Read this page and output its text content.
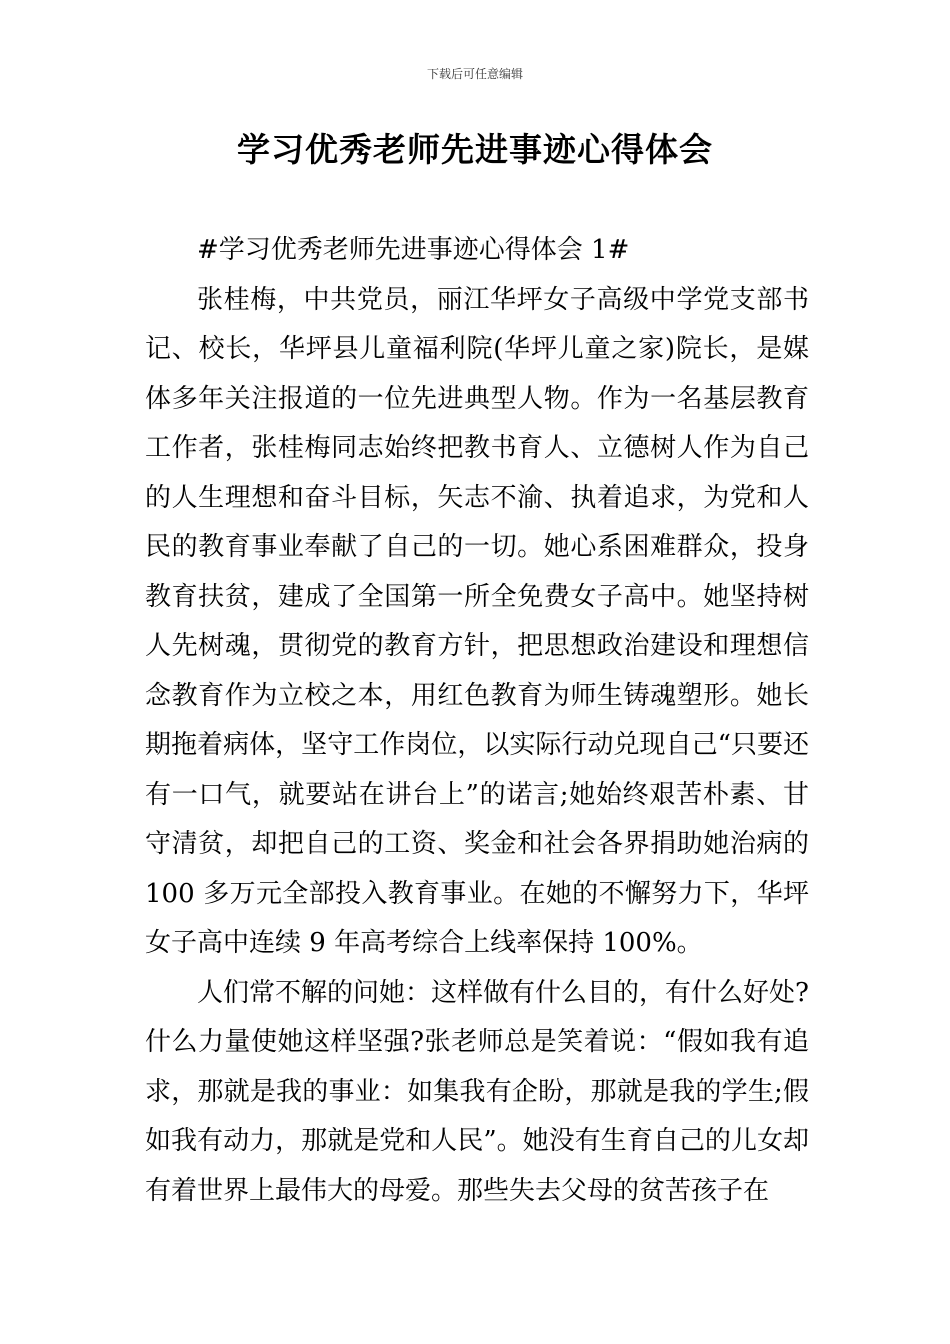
下载后可任意编辑
学习优秀老师先进事迹心得体会

#学习优秀老师先进事迹心得体会 1#

张桂梅，中共党员，丽江华坪女子高级中学党支部书记、校长，华坪县儿童福利院(华坪儿童之家)院长，是媒体多年关注报道的一位先进典型人物。作为一名基层教育工作者，张桂梅同志始终把教书育人、立德树人作为自己的人生理想和奋斗目标，矢志不渝、执着追求，为党和人民的教育事业奉献了自己的一切。她心系困难群众，投身教育扶贫，建成了全国第一所全免费女子高中。她坚持树人先树魂，贯彻党的教育方针，把思想政治建设和理想信念教育作为立校之本，用红色教育为师生铸魂塑形。她长期拖着病体，坚守工作岗位，以实际行动兑现自己“只要还有一口气，就要站在讲台上”的诺言;她始终艰苦朴素、甘守清贫，却把自己的工资、奖金和社会各界捐助她治病的 100 多万元全部投入教育事业。在她的不懈努力下，华坪女子高中连续 9 年高考综合上线率保持 100%。

人们常不解的问她：这样做有什么目的，有什么好处?什么力量使她这样坚强?张老师总是笑着说：“假如我有追求，那就是我的事业：如集我有企盼，那就是我的学生;假如我有动力，那就是党和人民”。她没有生育自己的儿女却有着世界上最伟大的母爱。那些失去父母的贫苦孩子在
